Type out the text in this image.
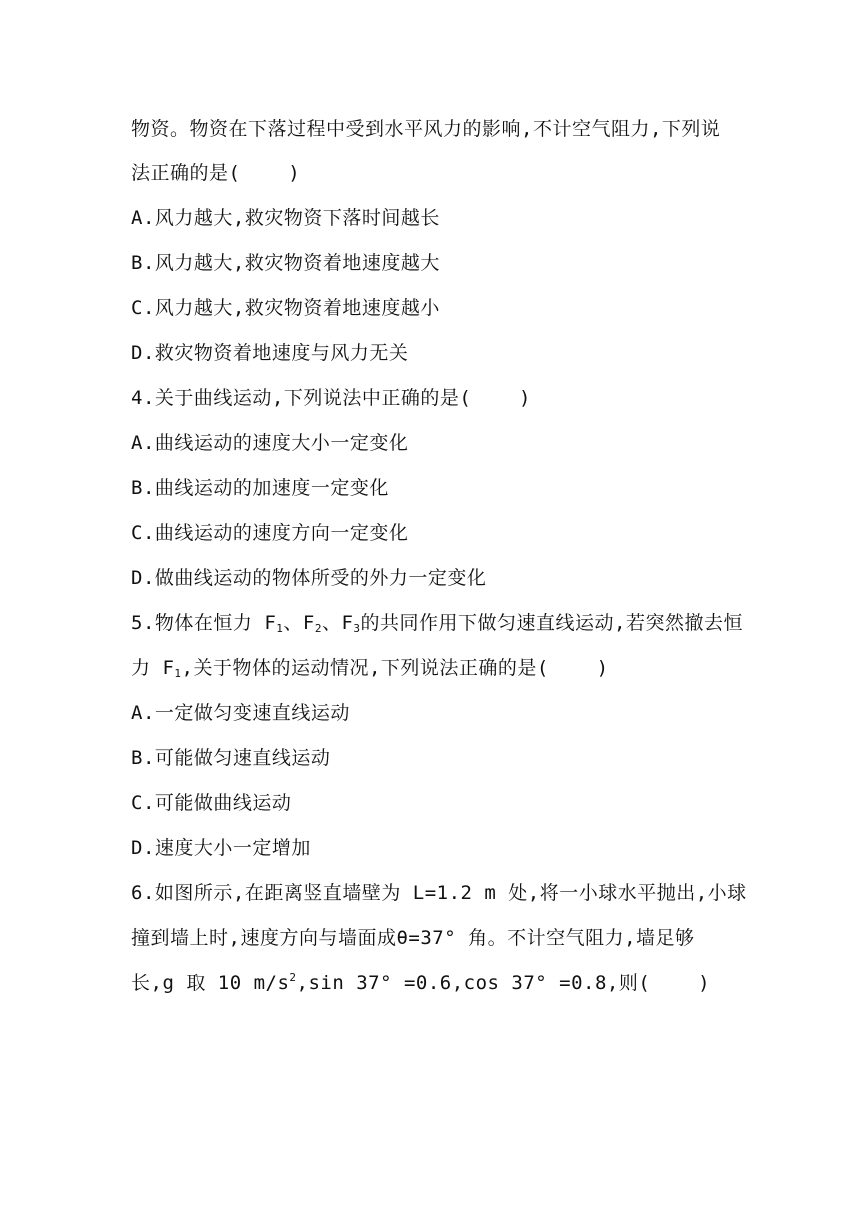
物资。物资在下落过程中受到水平风力的影响,不计空气阻力,下列说
法正确的是(    )
A.风力越大,救灾物资下落时间越长
B.风力越大,救灾物资着地速度越大
C.风力越大,救灾物资着地速度越小
D.救灾物资着地速度与风力无关
4.关于曲线运动,下列说法中正确的是(    )
A.曲线运动的速度大小一定变化
B.曲线运动的加速度一定变化
C.曲线运动的速度方向一定变化
D.做曲线运动的物体所受的外力一定变化
5.物体在恒力 $F_1$、$F_2$、$F_3$的共同作用下做匀速直线运动,若突然撤去恒
力 $F_1$,关于物体的运动情况,下列说法正确的是(    )
A.一定做匀变速直线运动
B.可能做匀速直线运动
C.可能做曲线运动
D.速度大小一定增加
6.如图所示,在距离竖直墙壁为 L=1.2 m 处,将一小球水平抛出,小球
撞到墙上时,速度方向与墙面成θ=37° 角。不计空气阻力,墙足够
长,g 取 10 $m/s^2,\sin$ 37° =0.6,cos 37° =0.8,则(    )
